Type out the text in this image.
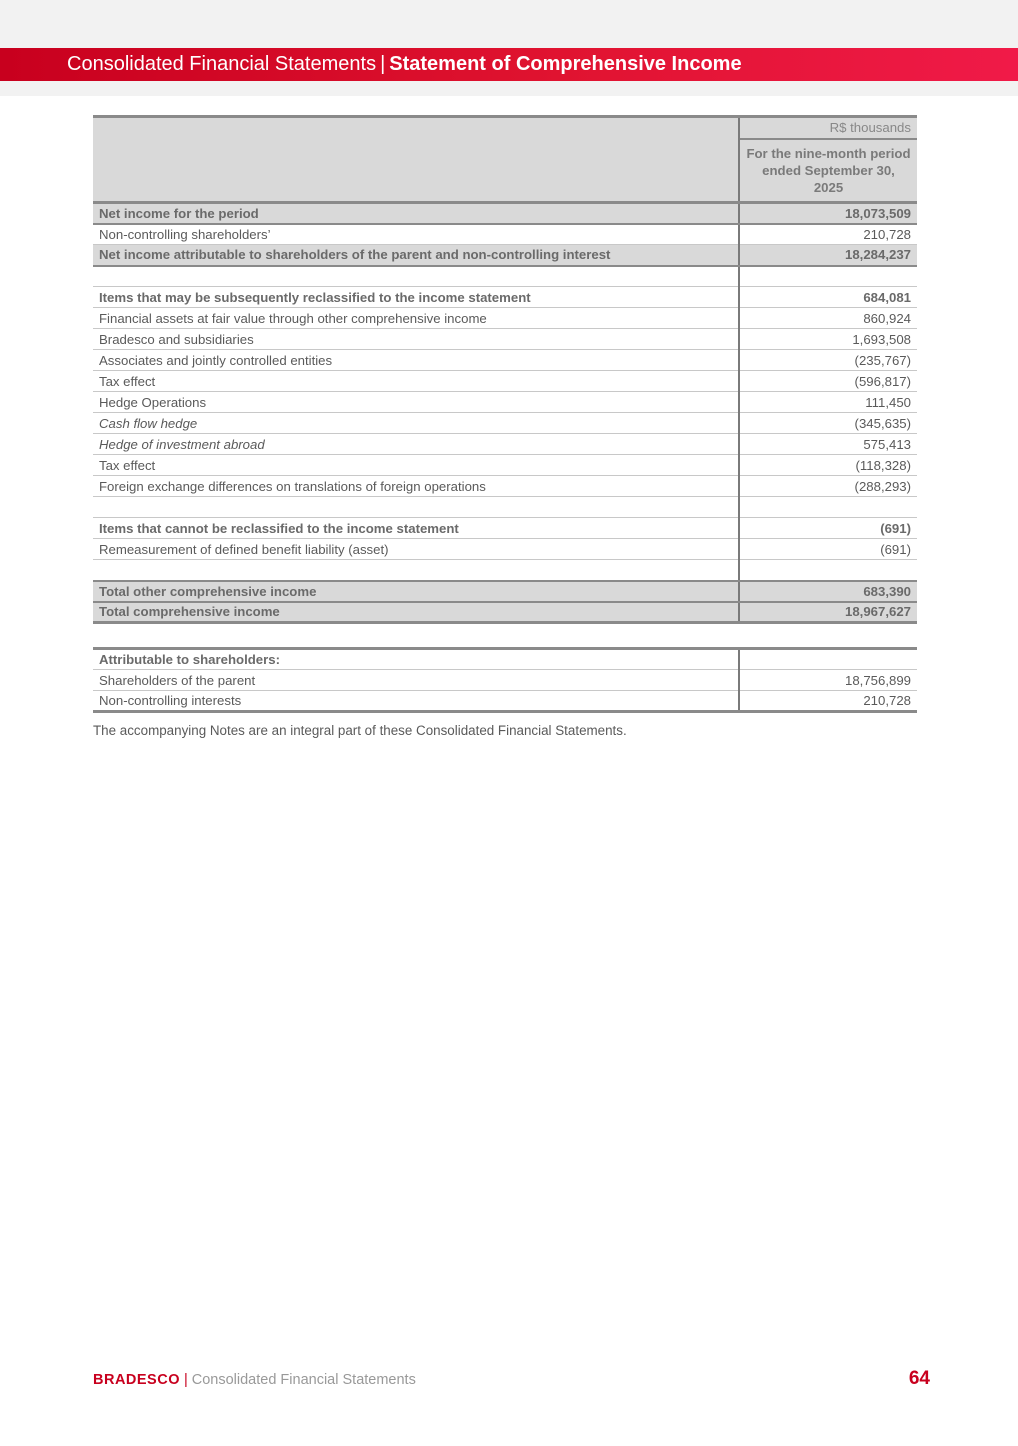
Consolidated Financial Statements | Statement of Comprehensive Income
	R$ thousands
	For the nine-month period ended September 30, 2025
Net income for the period	18,073,509
Non-controlling shareholders’	210,728
Net income attributable to shareholders of the parent and non-controlling interest	18,284,237

Items that may be subsequently reclassified to the income statement	684,081
Financial assets at fair value through other comprehensive income	860,924
Bradesco and subsidiaries	1,693,508
Associates and jointly controlled entities	(235,767)
Tax effect	(596,817)
Hedge Operations	111,450
Cash flow hedge	(345,635)
Hedge of investment abroad	575,413
Tax effect	(118,328)
Foreign exchange differences on translations of foreign operations	(288,293)

Items that cannot be reclassified to the income statement	(691)
Remeasurement of defined benefit liability (asset)	(691)

Total other comprehensive income	683,390
Total comprehensive income	18,967,627
Attributable to shareholders:	
Shareholders of the parent	18,756,899
Non-controlling interests	210,728
The accompanying Notes are an integral part of these Consolidated Financial Statements.
BRADESCO | Consolidated Financial Statements	64
